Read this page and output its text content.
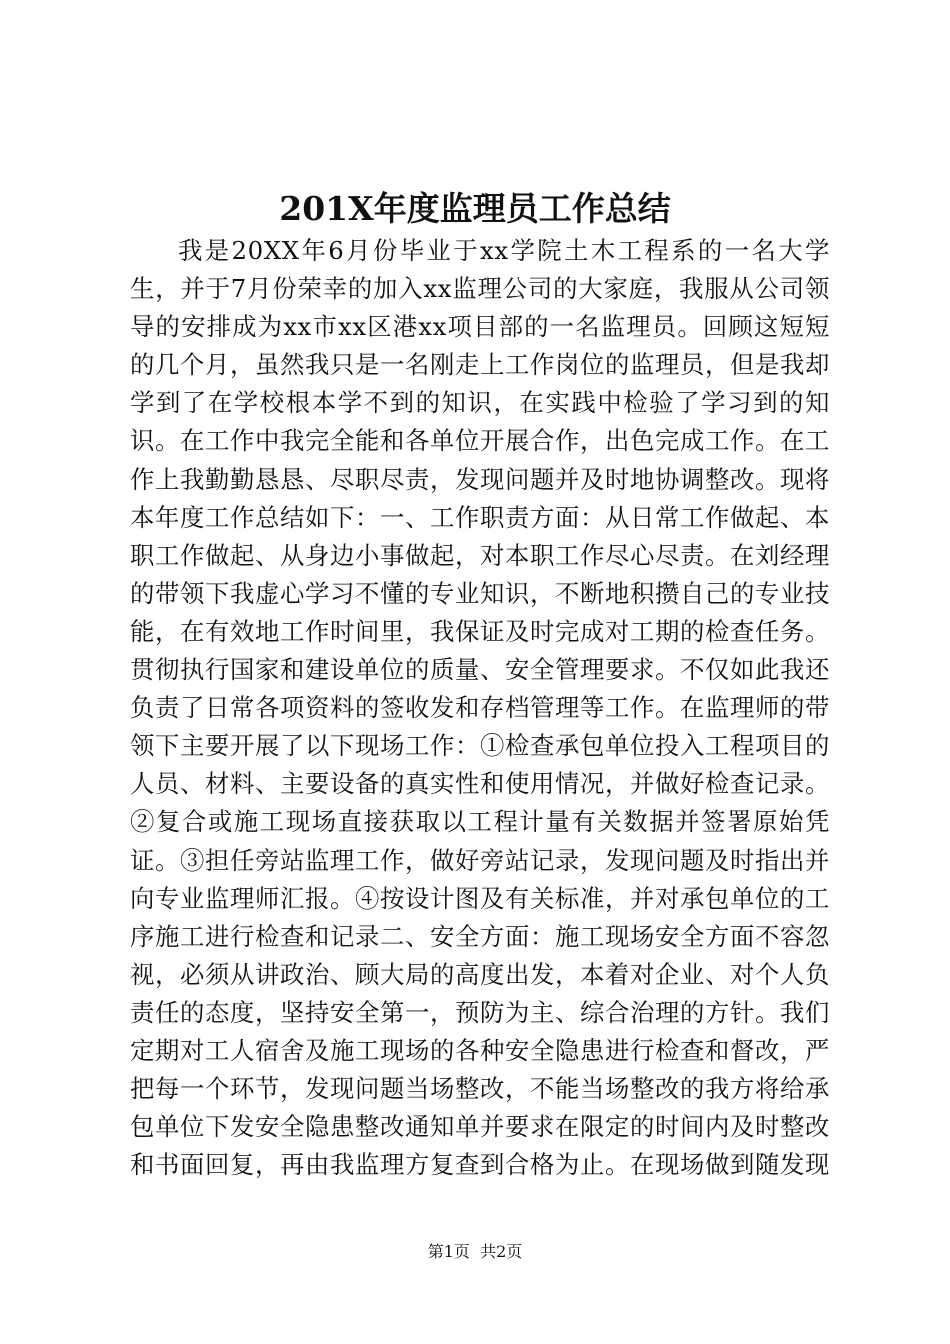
201X年度监理员工作总结

我是20XX年6月份毕业于xx学院土木工程系的一名大学生，并于7月份荣幸的加入xx监理公司的大家庭，我服从公司领导的安排成为xx市xx区港xx项目部的一名监理员。回顾这短短的几个月，虽然我只是一名刚走上工作岗位的监理员，但是我却学到了在学校根本学不到的知识，在实践中检验了学习到的知识。在工作中我完全能和各单位开展合作，出色完成工作。在工作上我勤勤恳恳、尽职尽责，发现问题并及时地协调整改。现将本年度工作总结如下：一、工作职责方面：从日常工作做起、本职工作做起、从身边小事做起，对本职工作尽心尽责。在刘经理的带领下我虚心学习不懂的专业知识，不断地积攒自己的专业技能，在有效地工作时间里，我保证及时完成对工期的检查任务。贯彻执行国家和建设单位的质量、安全管理要求。不仅如此我还负责了日常各项资料的签收发和存档管理等工作。在监理师的带领下主要开展了以下现场工作：①检查承包单位投入工程项目的人员、材料、主要设备的真实性和使用情况，并做好检查记录。②复合或施工现场直接获取以工程计量有关数据并签署原始凭证。③担任旁站监理工作，做好旁站记录，发现问题及时指出并向专业监理师汇报。④按设计图及有关标准，并对承包单位的工序施工进行检查和记录二、安全方面：施工现场安全方面不容忽视，必须从讲政治、顾大局的高度出发，本着对企业、对个人负责任的态度，坚持安全第一，预防为主、综合治理的方针。我们定期对工人宿舍及施工现场的各种安全隐患进行检查和督改，严把每一个环节，发现问题当场整改，不能当场整改的我方将给承包单位下发安全隐患整改通知单并要求在限定的时间内及时整改和书面回复，再由我监理方复查到合格为止。在现场做到随发现

第1页 共2页
